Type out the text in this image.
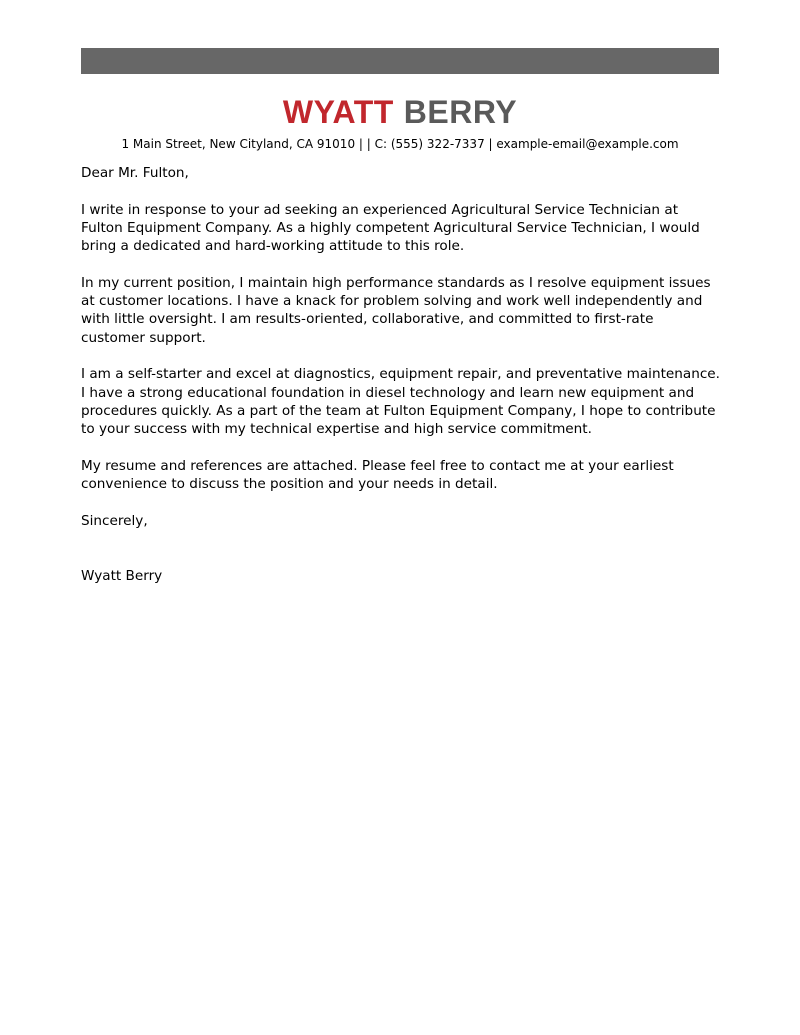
WYATT BERRY
1 Main Street, New Cityland, CA 91010 | | C: (555) 322-7337 | example-email@example.com

Dear Mr. Fulton,

I write in response to your ad seeking an experienced Agricultural Service Technician at Fulton Equipment Company. As a highly competent Agricultural Service Technician, I would bring a dedicated and hard-working attitude to this role.

In my current position, I maintain high performance standards as I resolve equipment issues at customer locations. I have a knack for problem solving and work well independently and with little oversight. I am results-oriented, collaborative, and committed to first-rate customer support.

I am a self-starter and excel at diagnostics, equipment repair, and preventative maintenance. I have a strong educational foundation in diesel technology and learn new equipment and procedures quickly. As a part of the team at Fulton Equipment Company, I hope to contribute to your success with my technical expertise and high service commitment.

My resume and references are attached. Please feel free to contact me at your earliest convenience to discuss the position and your needs in detail.

Sincerely,

Wyatt Berry
